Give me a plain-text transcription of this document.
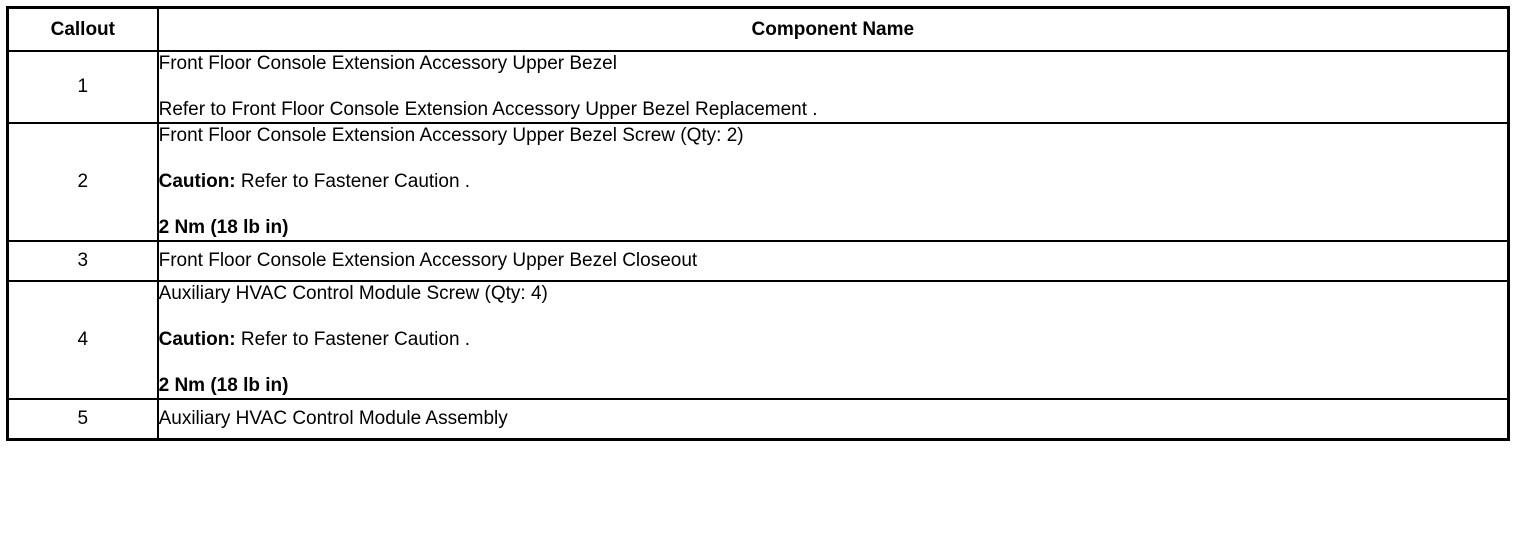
Callout	Component Name
1	Front Floor Console Extension Accessory Upper Bezel
Refer to Front Floor Console Extension Accessory Upper Bezel Replacement .

2	Front Floor Console Extension Accessory Upper Bezel Screw (Qty: 2)
Caution: Refer to Fastener Caution .
2 Nm (18 lb in)

3	Front Floor Console Extension Accessory Upper Bezel Closeout

4	Auxiliary HVAC Control Module Screw (Qty: 4)
Caution: Refer to Fastener Caution .
2 Nm (18 lb in)

5	Auxiliary HVAC Control Module Assembly
